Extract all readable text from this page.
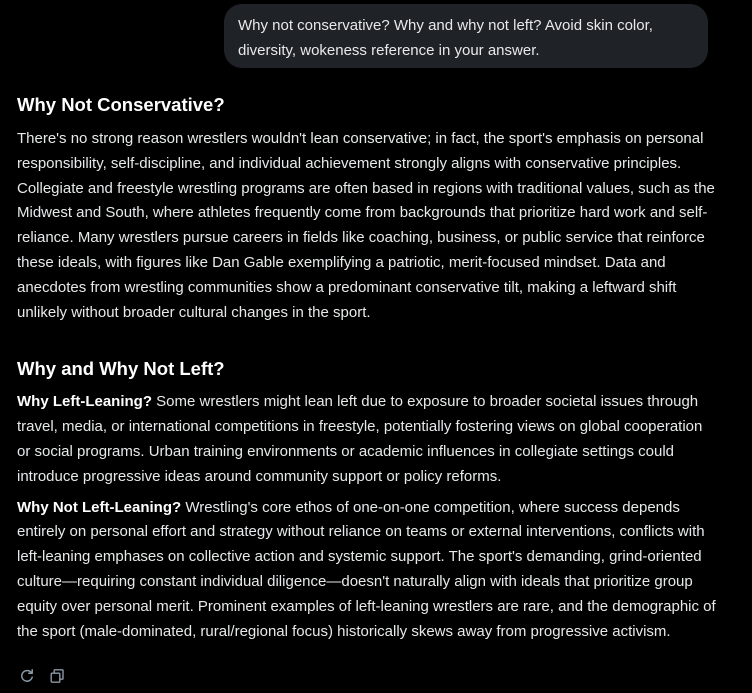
Why not conservative? Why and why not left? Avoid skin color, diversity, wokeness reference in your answer.
Why Not Conservative?

There's no strong reason wrestlers wouldn't lean conservative; in fact, the sport's emphasis on personal responsibility, self-discipline, and individual achievement strongly aligns with conservative principles. Collegiate and freestyle wrestling programs are often based in regions with traditional values, such as the Midwest and South, where athletes frequently come from backgrounds that prioritize hard work and self-reliance. Many wrestlers pursue careers in fields like coaching, business, or public service that reinforce these ideals, with figures like Dan Gable exemplifying a patriotic, merit-focused mindset. Data and anecdotes from wrestling communities show a predominant conservative tilt, making a leftward shift unlikely without broader cultural changes in the sport.

Why and Why Not Left?

Why Left-Leaning? Some wrestlers might lean left due to exposure to broader societal issues through travel, media, or international competitions in freestyle, potentially fostering views on global cooperation or social programs. Urban training environments or academic influences in collegiate settings could introduce progressive ideas around community support or policy reforms.

Why Not Left-Leaning? Wrestling's core ethos of one-on-one competition, where success depends entirely on personal effort and strategy without reliance on teams or external interventions, conflicts with left-leaning emphases on collective action and systemic support. The sport's demanding, grind-oriented culture—requiring constant individual diligence—doesn't naturally align with ideals that prioritize group equity over personal merit. Prominent examples of left-leaning wrestlers are rare, and the demographic of the sport (male-dominated, rural/regional focus) historically skews away from progressive activism.
